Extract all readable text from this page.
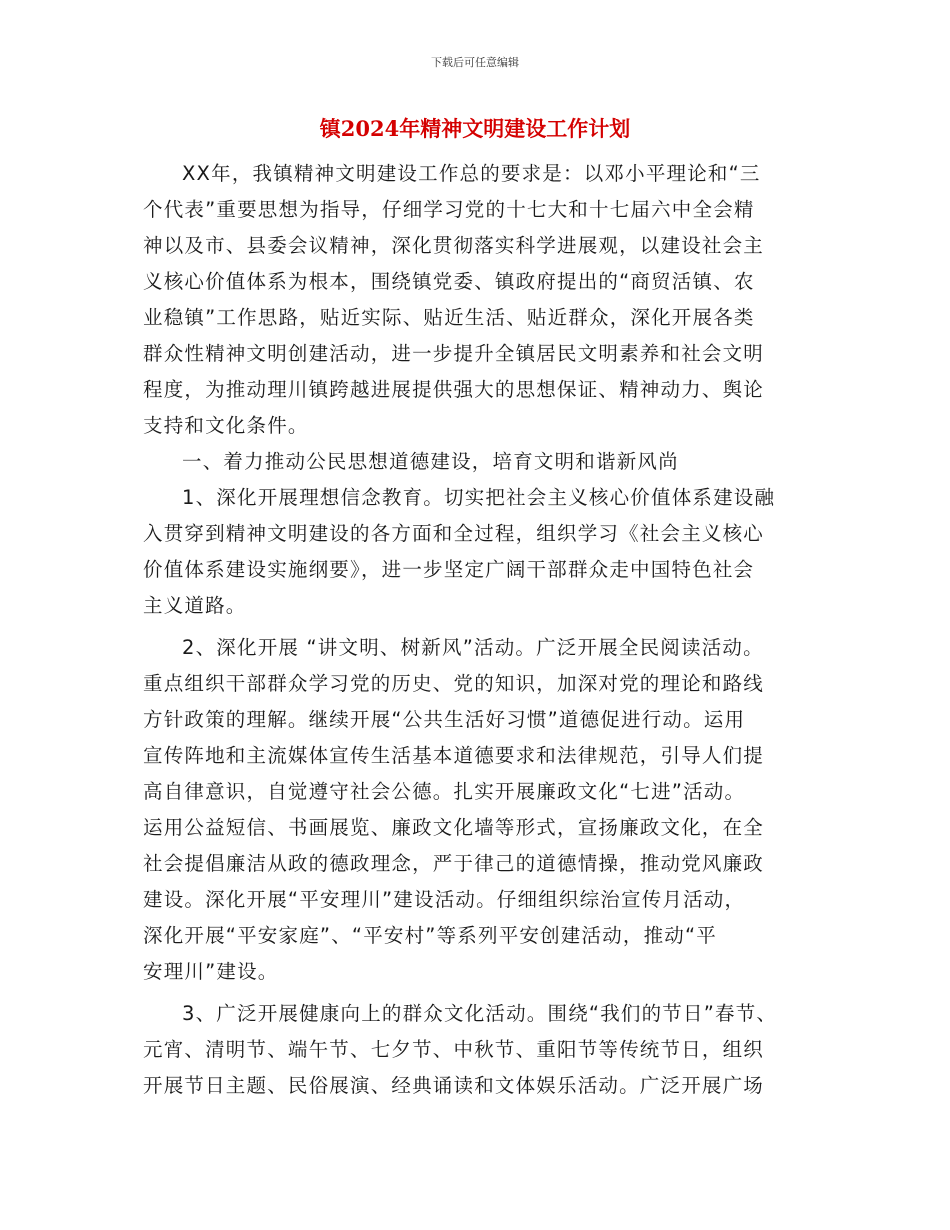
下载后可任意编辑
镇2024年精神文明建设工作计划
XX年，我镇精神文明建设工作总的要求是：以邓小平理论和“三
个代表”重要思想为指导，仔细学习党的十七大和十七届六中全会精
神以及市、县委会议精神，深化贯彻落实科学进展观，以建设社会主
义核心价值体系为根本，围绕镇党委、镇政府提出的“商贸活镇、农
业稳镇”工作思路，贴近实际、贴近生活、贴近群众，深化开展各类
群众性精神文明创建活动，进一步提升全镇居民文明素养和社会文明
程度，为推动理川镇跨越进展提供强大的思想保证、精神动力、舆论
支持和文化条件。
一、着力推动公民思想道德建设，培育文明和谐新风尚
1、深化开展理想信念教育。切实把社会主义核心价值体系建设融
入贯穿到精神文明建设的各方面和全过程，组织学习《社会主义核心
价值体系建设实施纲要》，进一步坚定广阔干部群众走中国特色社会
主义道路。
2、深化开展 “讲文明、树新风”活动。广泛开展全民阅读活动。
重点组织干部群众学习党的历史、党的知识，加深对党的理论和路线
方针政策的理解。继续开展“公共生活好习惯”道德促进行动。运用
宣传阵地和主流媒体宣传生活基本道德要求和法律规范，引导人们提
高自律意识，自觉遵守社会公德。扎实开展廉政文化“七进”活动。
运用公益短信、书画展览、廉政文化墙等形式，宣扬廉政文化，在全
社会提倡廉洁从政的德政理念，严于律己的道德情操，推动党风廉政
建设。深化开展“平安理川”建设活动。仔细组织综治宣传月活动，
深化开展“平安家庭”、“平安村”等系列平安创建活动，推动“平
安理川”建设。
3、广泛开展健康向上的群众文化活动。围绕“我们的节日”春节、
元宵、清明节、端午节、七夕节、中秋节、重阳节等传统节日，组织
开展节日主题、民俗展演、经典诵读和文体娱乐活动。广泛开展广场
